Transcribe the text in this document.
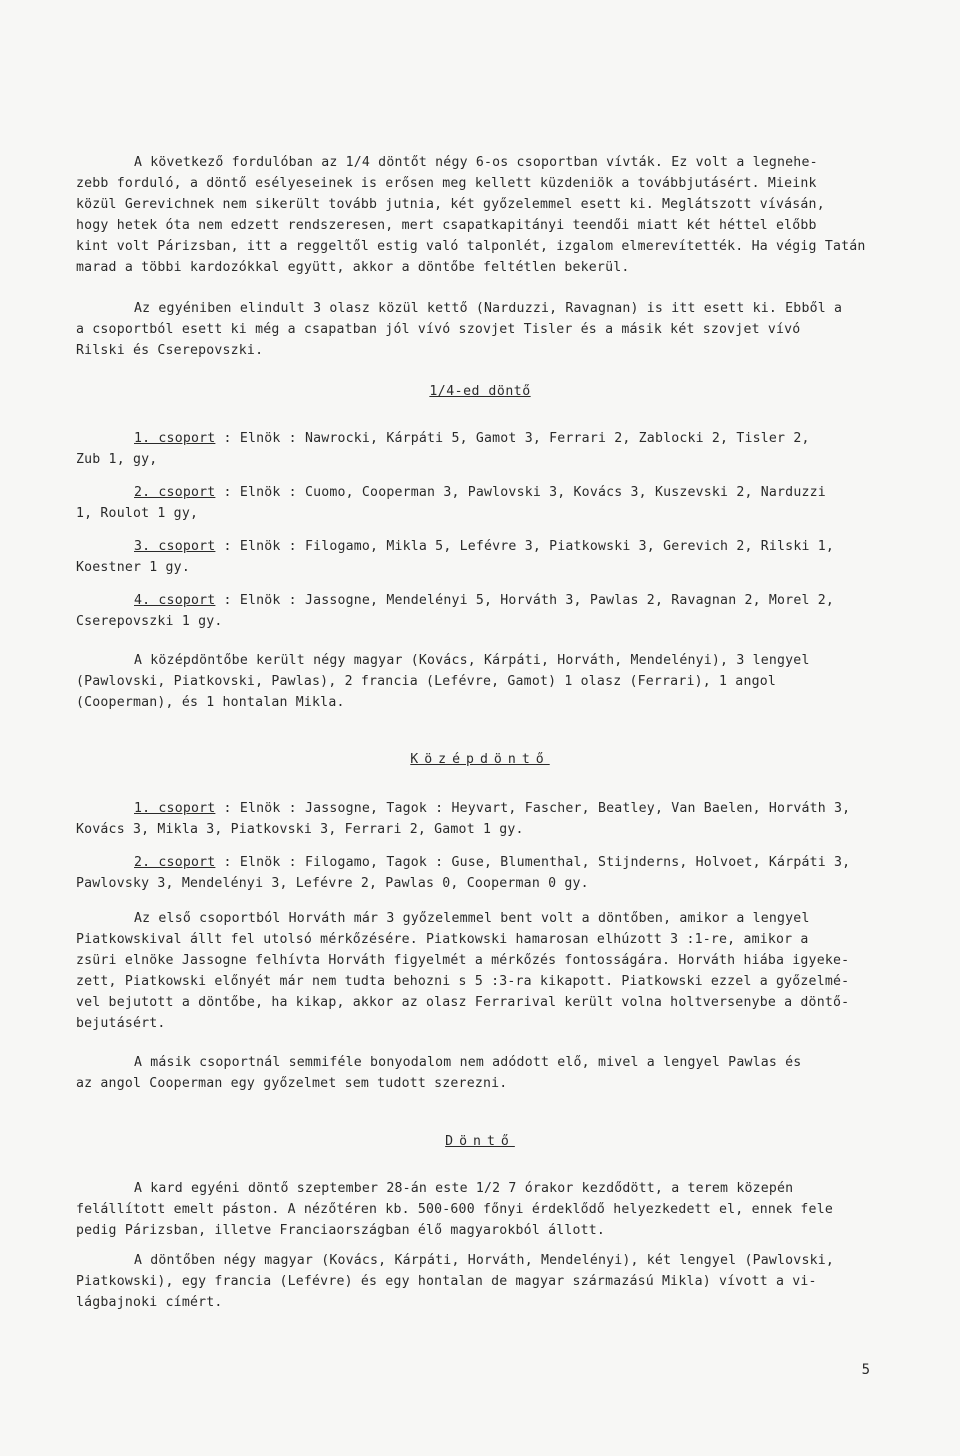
A következő fordulóban az 1/4 döntőt négy 6-os csoportban vívták. Ez volt a legnehe-
zebb forduló, a döntő esélyeseinek is erősen meg kellett küzdeniök a továbbjutásért. Mieink
közül Gerevichnek nem sikerült tovább jutnia, két győzelemmel esett ki. Meglátszott vívásán,
hogy hetek óta nem edzett rendszeresen, mert csapatkapitányi teendői miatt két héttel előbb
kint volt Párizsban, itt a reggeltől estig való talponlét, izgalom elmerevítették. Ha végig Tatán
marad a többi kardozókkal együtt, akkor a döntőbe feltétlen bekerül.

Az egyéniben elindult 3 olasz közül kettő (Narduzzi, Ravagnan) is itt esett ki. Ebből a
a csoportból esett ki még a csapatban jól vívó szovjet Tisler és a másik két szovjet vívó
Rilski és Cserepovszki.

1/4-ed döntő

1. csoport : Elnök : Nawrocki, Kárpáti 5, Gamot 3, Ferrari 2, Zablocki 2, Tisler 2,
Zub 1, gy,

2. csoport : Elnök : Cuomo, Cooperman 3, Pawlovski 3, Kovács 3, Kuszevski 2, Narduzzi
1, Roulot 1 gy,

3. csoport : Elnök : Filogamo, Mikla 5, Lefévre 3, Piatkowski 3, Gerevich 2, Rilski 1,
Koestner 1 gy.

4. csoport : Elnök : Jassogne, Mendelényi 5, Horváth 3, Pawlas 2, Ravagnan 2, Morel 2,
Cserepovszki 1 gy.

A középdöntőbe került négy magyar (Kovács, Kárpáti, Horváth, Mendelényi), 3 lengyel
(Pawlovski, Piatkovski, Pawlas), 2 francia (Lefévre, Gamot) 1 olasz (Ferrari), 1 angol
(Cooperman), és 1 hontalan Mikla.

Középdöntő

1. csoport : Elnök : Jassogne, Tagok : Heyvart, Fascher, Beatley, Van Baelen, Horváth 3,
Kovács 3, Mikla 3, Piatkovski 3, Ferrari 2, Gamot 1 gy.

2. csoport : Elnök : Filogamo, Tagok : Guse, Blumenthal, Stijnderns, Holvoet, Kárpáti 3,
Pawlovsky 3, Mendelényi 3, Lefévre 2, Pawlas 0, Cooperman 0 gy.

Az első csoportból Horváth már 3 győzelemmel bent volt a döntőben, amikor a lengyel
Piatkowskival állt fel utolsó mérkőzésére. Piatkowski hamarosan elhúzott 3 :1-re, amikor a
zsüri elnöke Jassogne felhívta Horváth figyelmét a mérkőzés fontosságára. Horváth hiába igyeke-
zett, Piatkowski előnyét már nem tudta behozni s 5 :3-ra kikapott. Piatkowski ezzel a győzelmé-
vel bejutott a döntőbe, ha kikap, akkor az olasz Ferrarival került volna holtversenybe a döntő-
bejutásért.

A másik csoportnál semmiféle bonyodalom nem adódott elő, mivel a lengyel Pawlas és
az angol Cooperman egy győzelmet sem tudott szerezni.

Döntő

A kard egyéni döntő szeptember 28-án este 1/2 7 órakor kezdődött, a terem közepén
felállított emelt páston. A nézőtéren kb. 500-600 főnyi érdeklődő helyezkedett el, ennek fele
pedig Párizsban, illetve Franciaországban élő magyarokból állott.

A döntőben négy magyar (Kovács, Kárpáti, Horváth, Mendelényi), két lengyel (Pawlovski,
Piatkowski), egy francia (Lefévre) és egy hontalan de magyar származású Mikla) vívott a vi-
lágbajnoki címért.

5
